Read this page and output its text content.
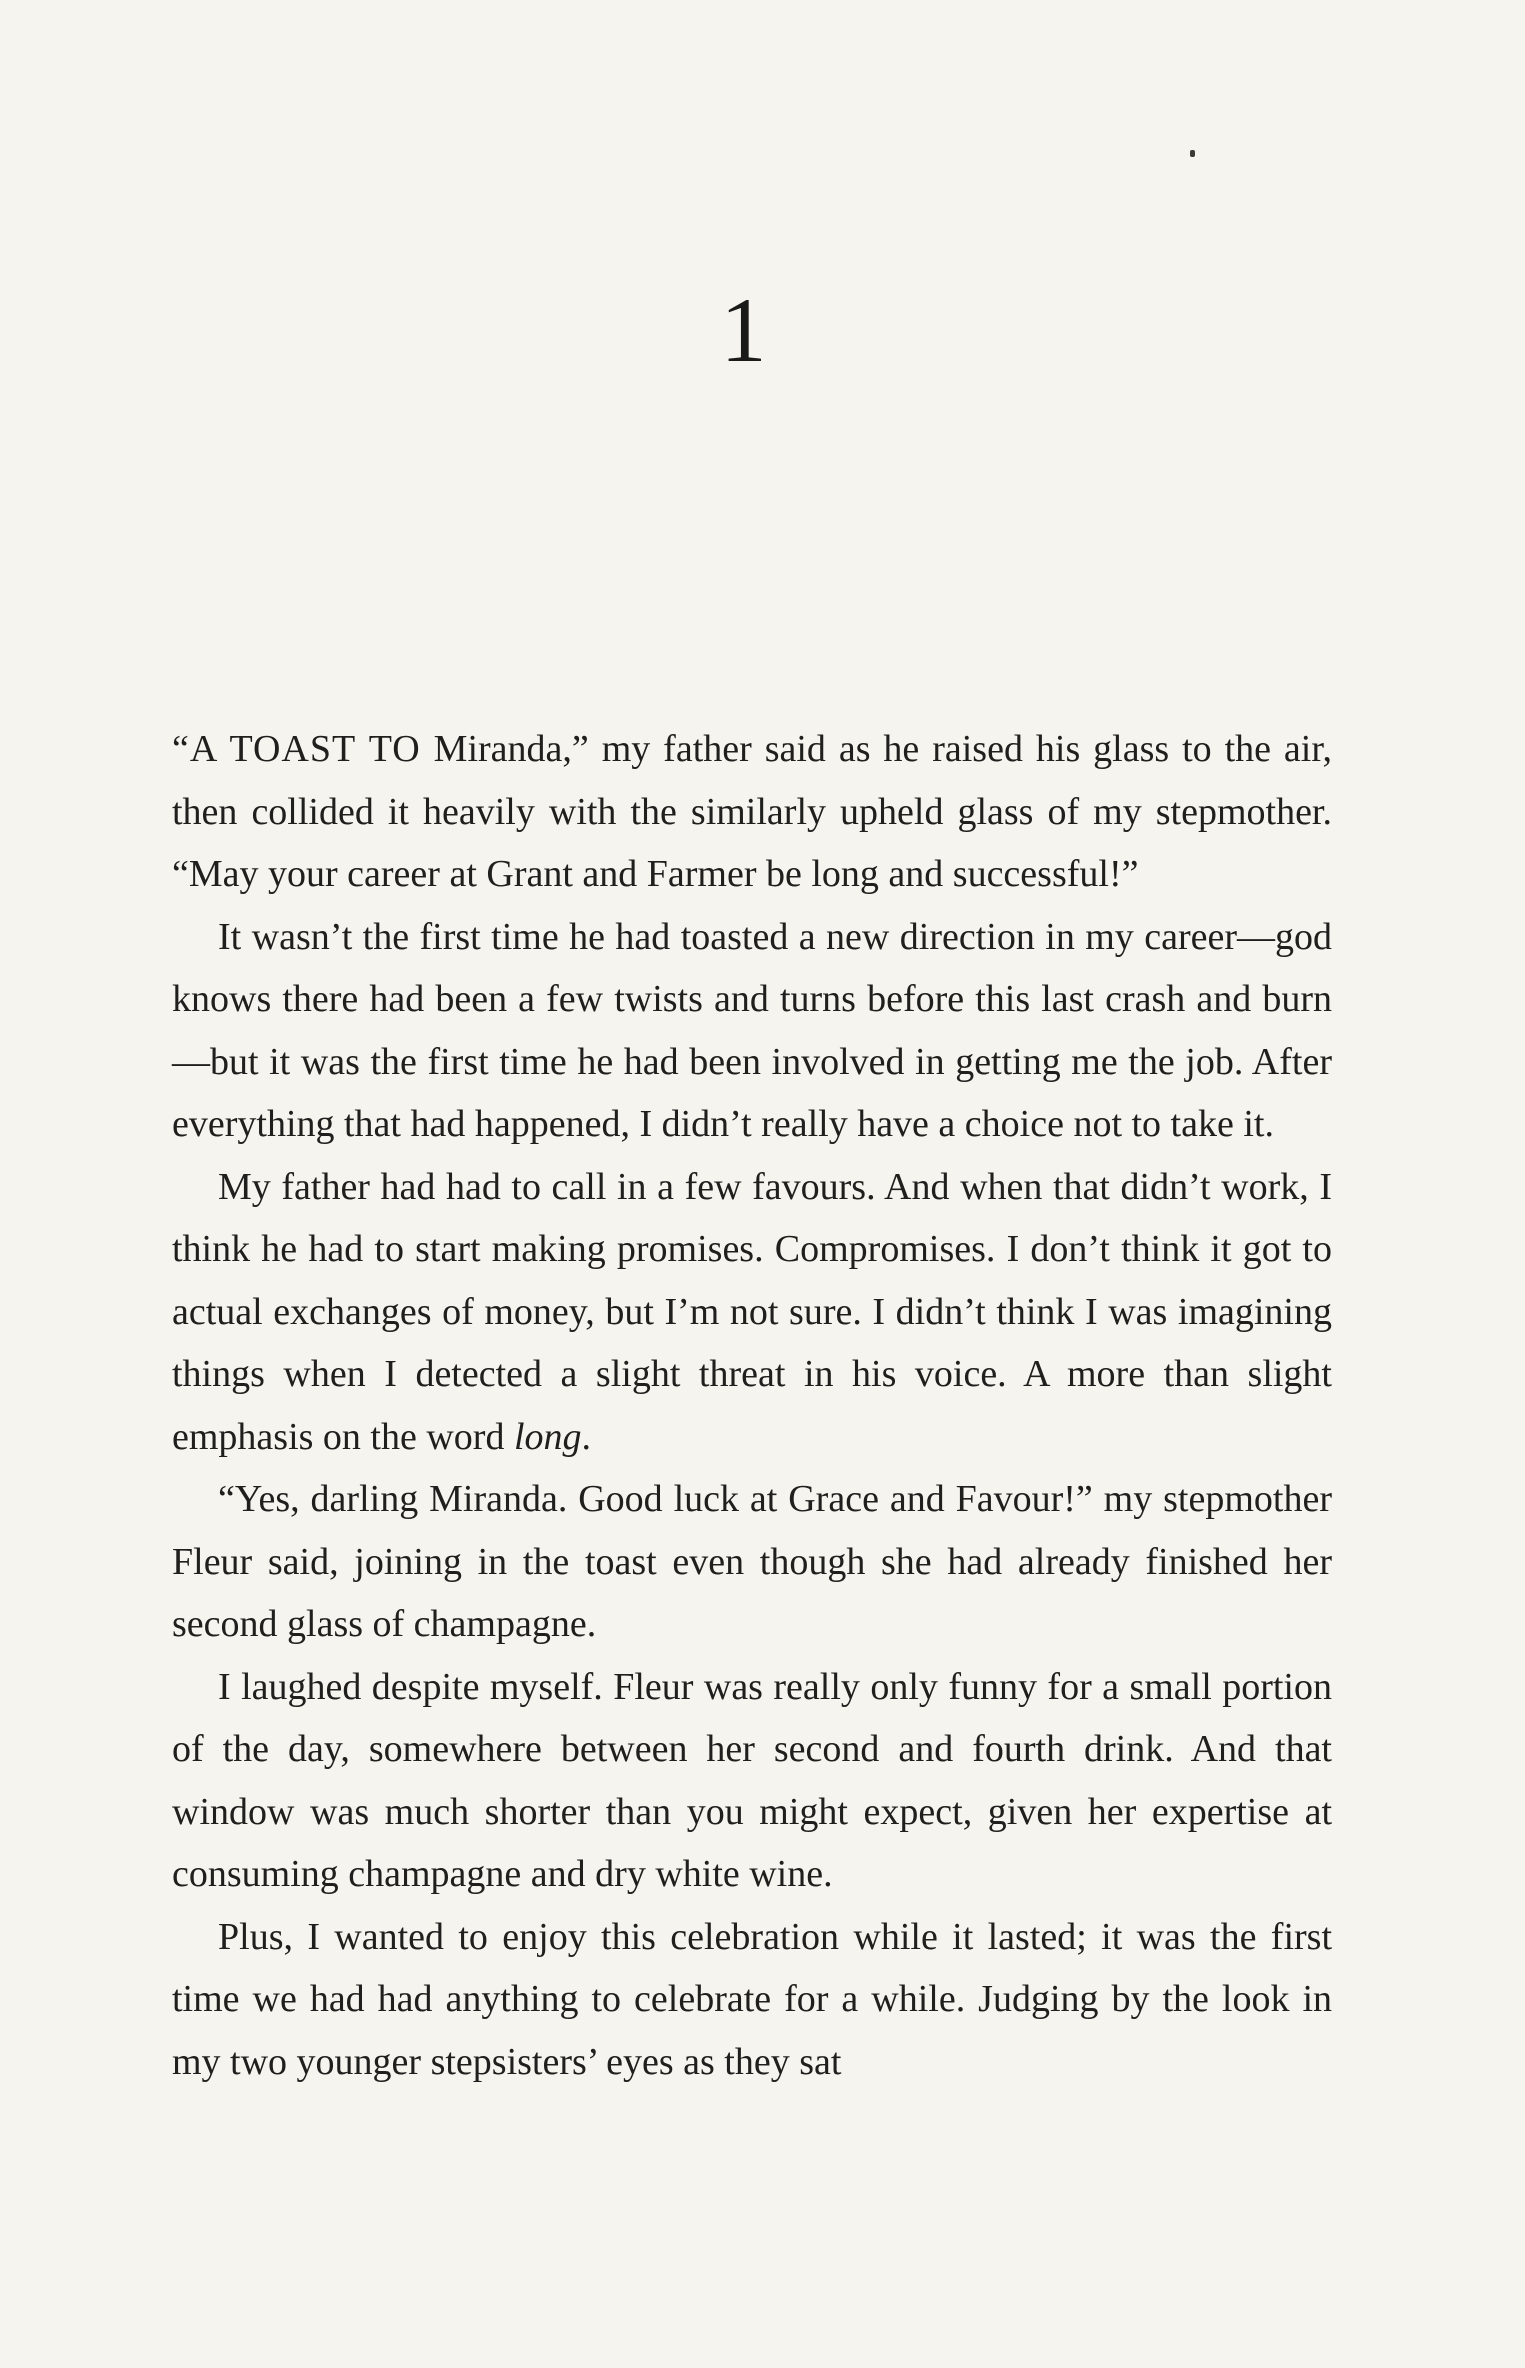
1

“A TOAST TO Miranda,” my father said as he raised his glass to the air, then collided it heavily with the similarly upheld glass of my stepmother. “May your career at Grant and Farmer be long and successful!”

It wasn’t the first time he had toasted a new direction in my career—god knows there had been a few twists and turns before this last crash and burn—but it was the first time he had been involved in getting me the job. After everything that had happened, I didn’t really have a choice not to take it.

My father had had to call in a few favours. And when that didn’t work, I think he had to start making promises. Compromises. I don’t think it got to actual exchanges of money, but I’m not sure. I didn’t think I was imagining things when I detected a slight threat in his voice. A more than slight emphasis on the word long.

“Yes, darling Miranda. Good luck at Grace and Favour!” my stepmother Fleur said, joining in the toast even though she had already finished her second glass of champagne.

I laughed despite myself. Fleur was really only funny for a small portion of the day, somewhere between her second and fourth drink. And that window was much shorter than you might expect, given her expertise at consuming champagne and dry white wine.

Plus, I wanted to enjoy this celebration while it lasted; it was the first time we had had anything to celebrate for a while. Judging by the look in my two younger stepsisters’ eyes as they sat
